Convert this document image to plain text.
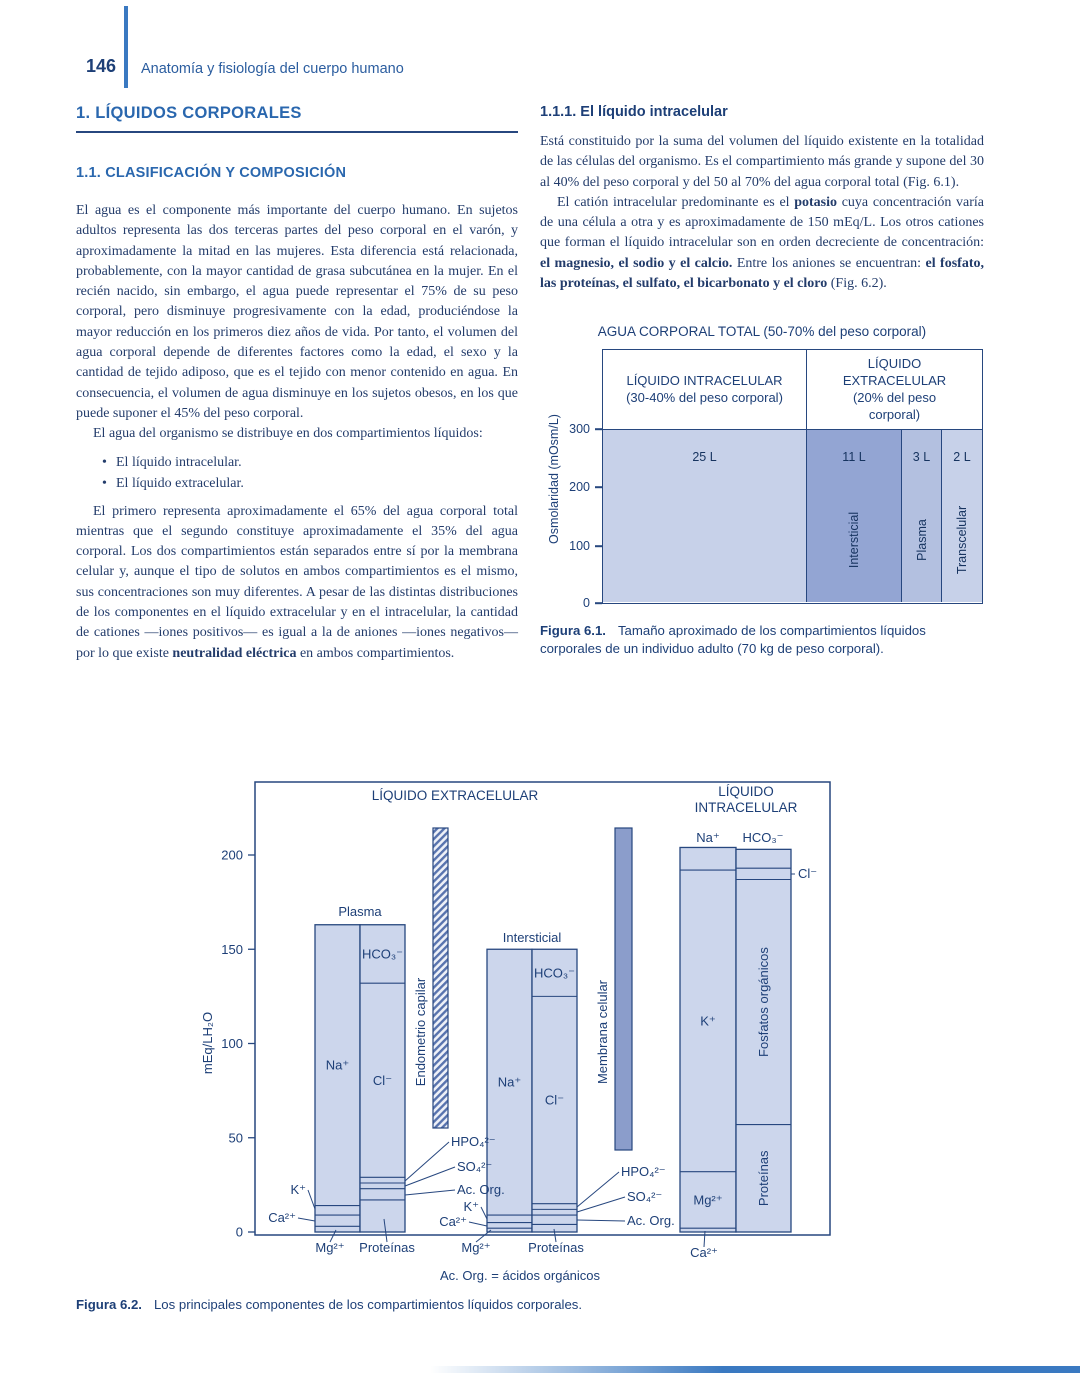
146 Anatomía y fisiología del cuerpo humano
1. LÍQUIDOS CORPORALES
1.1. CLASIFICACIÓN Y COMPOSICIÓN

El agua es el componente más importante del cuerpo humano. En sujetos adultos representa las dos terceras partes del peso corporal en el varón, y aproximadamente la mitad en las mujeres. Esta diferencia está relacionada, probablemente, con la mayor cantidad de grasa subcutánea en la mujer. En el recién nacido, sin embargo, el agua puede representar el 75% de su peso corporal, pero disminuye progresivamente con la edad, produciéndose la mayor reducción en los primeros diez años de vida. Por tanto, el volumen del agua corporal depende de diferentes factores como la edad, el sexo y la cantidad de tejido adiposo, que es el tejido con menor contenido en agua. En consecuencia, el volumen de agua disminuye en los sujetos obesos, en los que puede suponer el 45% del peso corporal.

El agua del organismo se distribuye en dos compartimientos líquidos:

• El líquido intracelular.
• El líquido extracelular.

El primero representa aproximadamente el 65% del agua corporal total mientras que el segundo constituye aproximadamente el 35% del agua corporal. Los dos compartimientos están separados entre sí por la membrana celular y, aunque el tipo de solutos en ambos compartimientos es el mismo, sus concentraciones son muy diferentes. A pesar de las distintas distribuciones de los componentes en el líquido extracelular y en el intracelular, la cantidad de cationes —iones positivos— es igual a la de aniones —iones negativos— por lo que existe neutralidad eléctrica en ambos compartimientos.

1.1.1. El líquido intracelular

Está constituido por la suma del volumen del líquido existente en la totalidad de las células del organismo. Es el compartimiento más grande y supone del 30 al 40% del peso corporal y del 50 al 70% del agua corporal total (Fig. 6.1).

El catión intracelular predominante es el potasio cuya concentración varía de una célula a otra y es aproximadamente de 150 mEq/L. Los otros cationes que forman el líquido intracelular son en orden decreciente de concentración: el magnesio, el sodio y el calcio. Entre los aniones se encuentran: el fosfato, las proteínas, el sulfato, el bicarbonato y el cloro (Fig. 6.2).

AGUA CORPORAL TOTAL (50-70% del peso corporal)
Osmolaridad (mOsm/L) 300
200
100
0
LÍQUIDO INTRACELULAR
(30-40% del peso corporal)
LÍQUIDO EXTRACELULAR
(20% del peso corporal)
25 L	11 L
Intersticial
3 L
Plasma
2 L
Transcelular
Figura 6.1. Tamaño aproximado de los compartimientos líquidos corporales de un individuo adulto (70 kg de peso corporal).
0
50
100
150
200
mEq/LH₂O
LÍQUIDO EXTRACELULAR	LÍQUIDO
INTRACELULAR
Plasma
Intersticial
Endometrio capilar	Membrana celular
Na⁺
Cl⁻
HCO₃⁻
Na⁺
Cl⁻
HCO₃⁻
Mg²⁺
K⁺
Proteínas
Fosfatos orgánicos
K⁺
Ca²⁺
Mg²⁺ Proteínas
HPO₄²⁻
SO₄²⁻
Ac. Org.
K⁺
Ca²⁺
Mg²⁺	Proteínas
HPO₄²⁻
SO₄²⁻
Ac. Org.
Na⁺ HCO₃⁻
Cl⁻
Ca²⁺
Ac. Org. = ácidos orgánicos
Figura 6.2. Los principales componentes de los compartimientos líquidos corporales.
